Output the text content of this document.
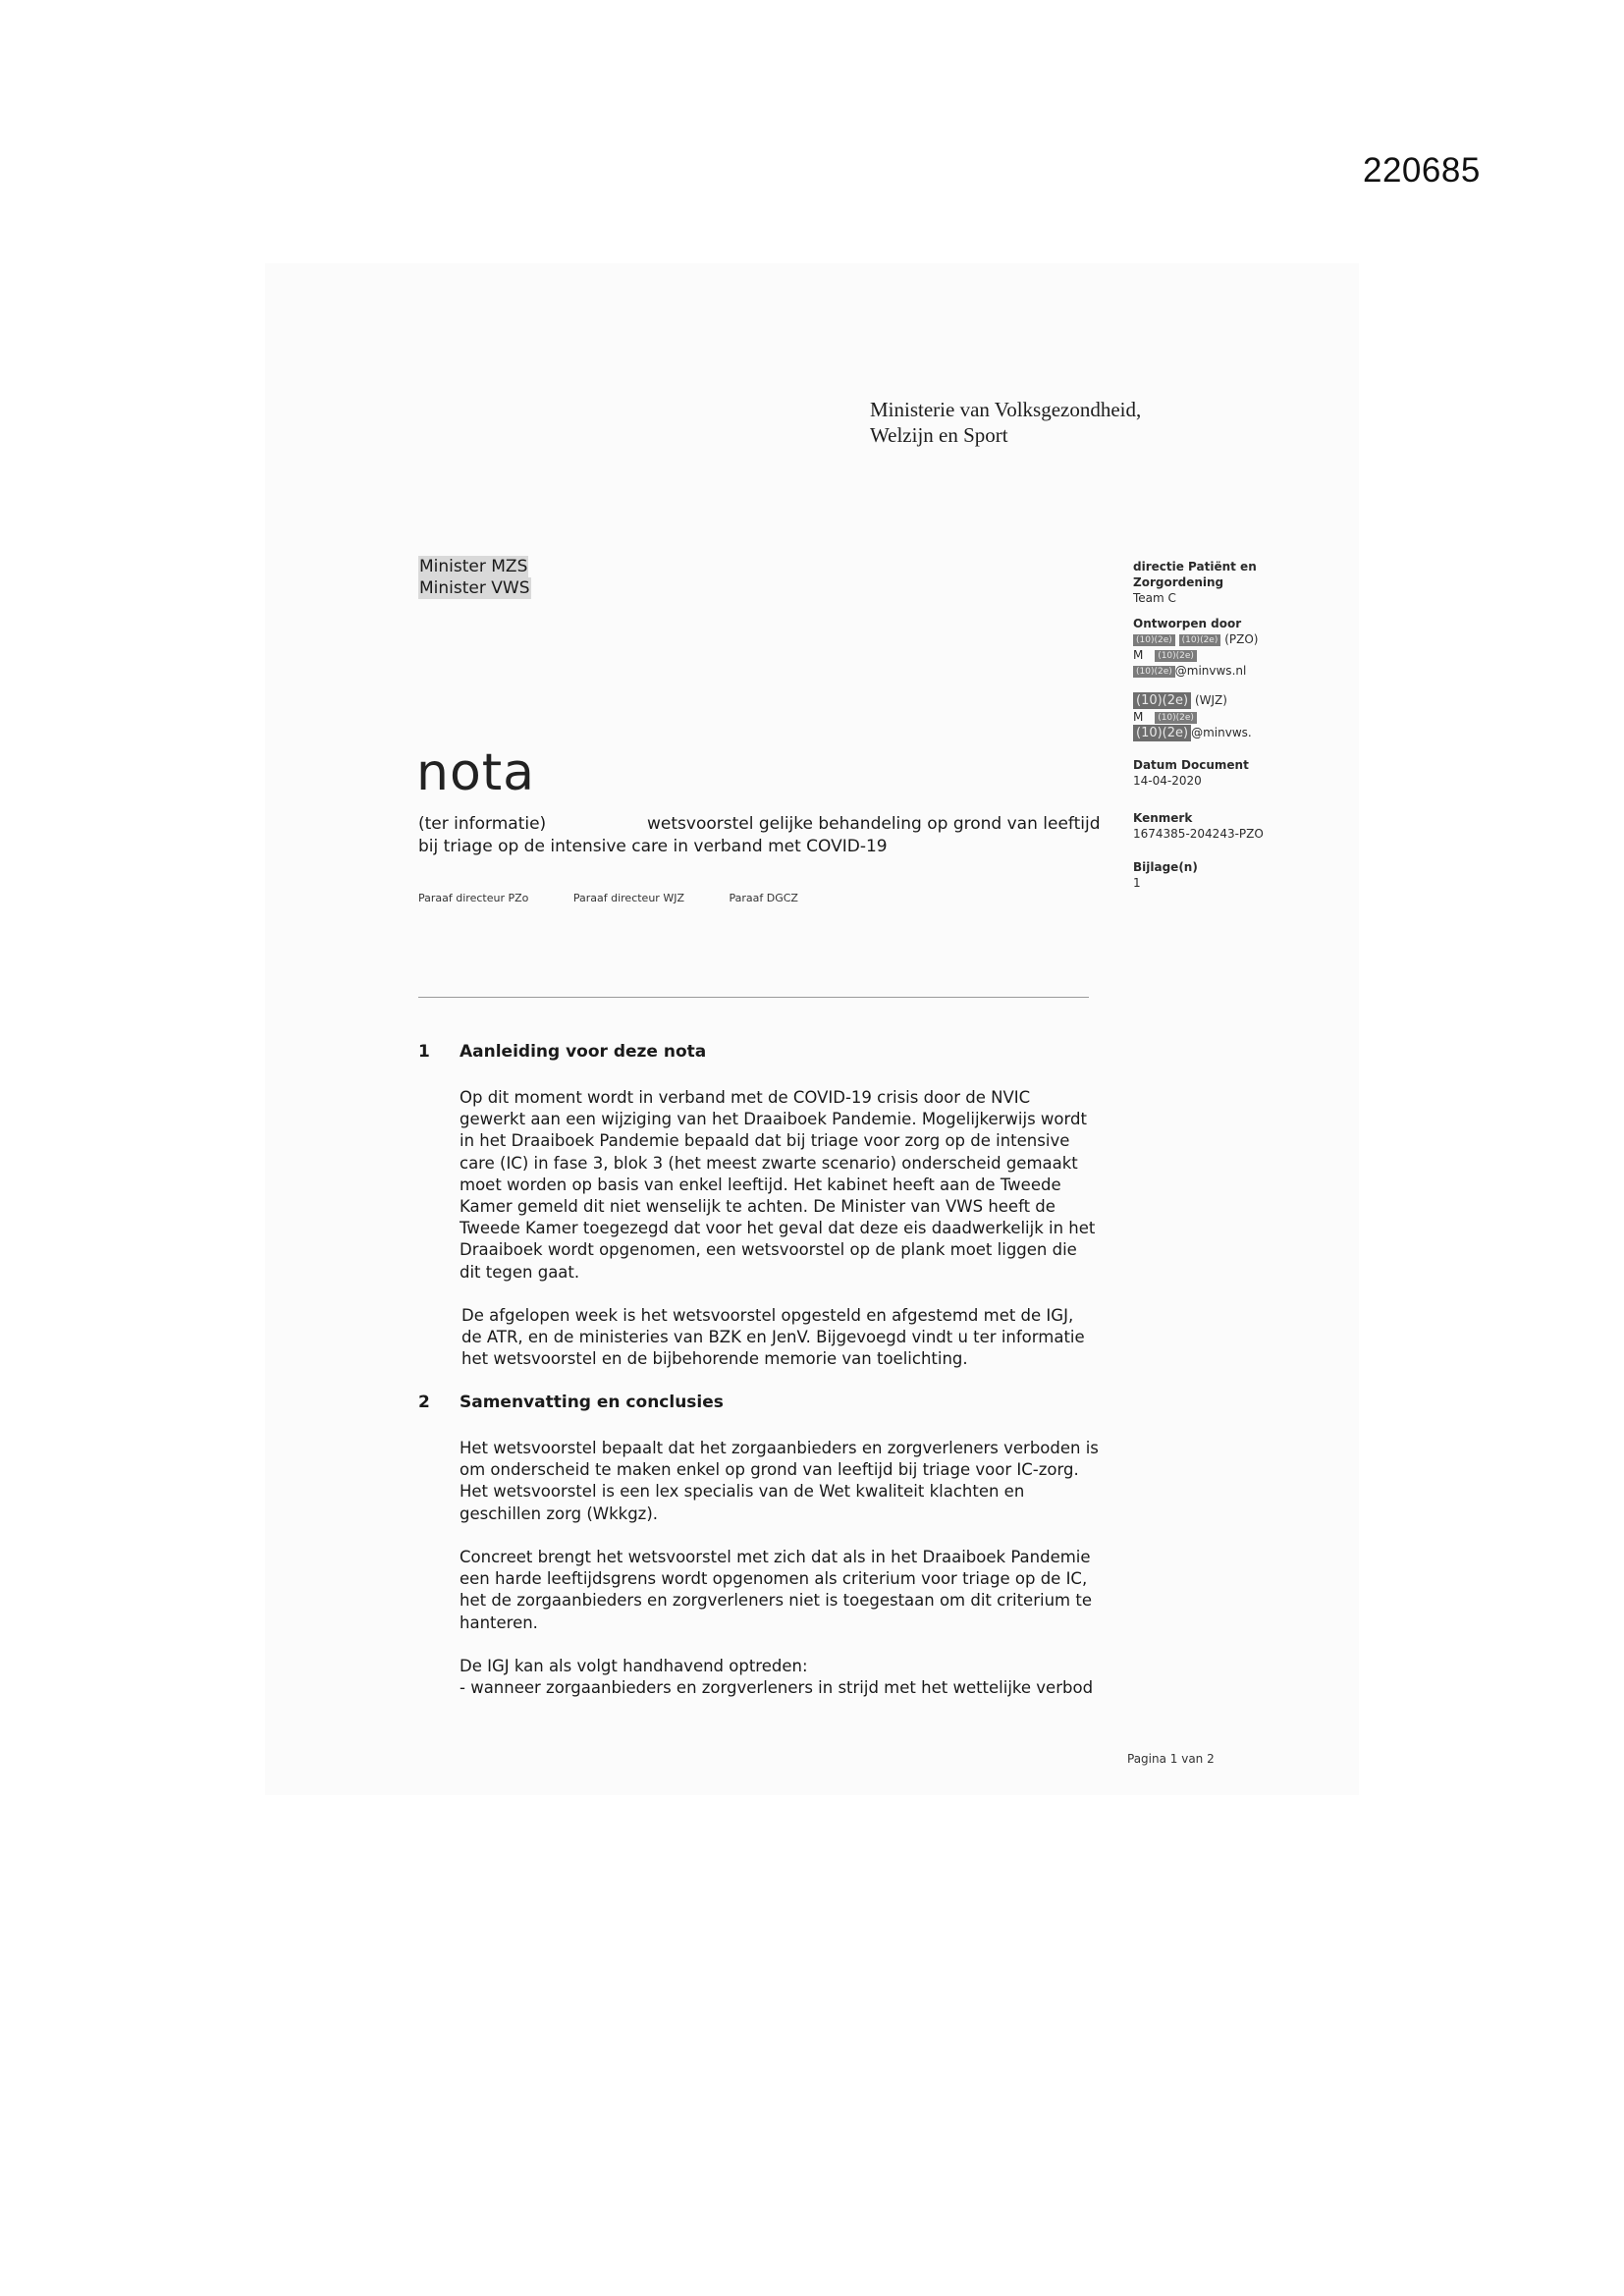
220685
Ministerie van Volksgezondheid,
Welzijn en Sport
Minister MZS
Minister VWS
directie Patiënt en
Zorgordening
Team C
Ontworpen door
(10)(2e) (10)(2e) (PZO)
M (10)(2e)
(10)(2e) @minvws.nl
(10)(2e) (WJZ)
M (10)(2e)
(10)(2e) @minvws.
Datum Document
14-04-2020
Kenmerk
1674385-204243-PZO
Bijlage(n)
1
nota
(ter informatie)	wetsvoorstel gelijke behandeling op grond van leeftijd
bij triage op de intensive care in verband met COVID-19
Paraaf directeur PZo	Paraaf directeur WJZ	Paraaf DGCZ
1 Aanleiding voor deze nota
Op dit moment wordt in verband met de COVID-19 crisis door de NVIC
gewerkt aan een wijziging van het Draaiboek Pandemie. Mogelijkerwijs wordt
in het Draaiboek Pandemie bepaald dat bij triage voor zorg op de intensive
care (IC) in fase 3, blok 3 (het meest zwarte scenario) onderscheid gemaakt
moet worden op basis van enkel leeftijd. Het kabinet heeft aan de Tweede
Kamer gemeld dit niet wenselijk te achten. De Minister van VWS heeft de
Tweede Kamer toegezegd dat voor het geval dat deze eis daadwerkelijk in het
Draaiboek wordt opgenomen, een wetsvoorstel op de plank moet liggen die
dit tegen gaat.
De afgelopen week is het wetsvoorstel opgesteld en afgestemd met de IGJ,
de ATR, en de ministeries van BZK en JenV. Bijgevoegd vindt u ter informatie
het wetsvoorstel en de bijbehorende memorie van toelichting.
2 Samenvatting en conclusies
Het wetsvoorstel bepaalt dat het zorgaanbieders en zorgverleners verboden is
om onderscheid te maken enkel op grond van leeftijd bij triage voor IC-zorg.
Het wetsvoorstel is een lex specialis van de Wet kwaliteit klachten en
geschillen zorg (Wkkgz).
Concreet brengt het wetsvoorstel met zich dat als in het Draaiboek Pandemie
een harde leeftijdsgrens wordt opgenomen als criterium voor triage op de IC,
het de zorgaanbieders en zorgverleners niet is toegestaan om dit criterium te
hanteren.
De IGJ kan als volgt handhavend optreden:
- wanneer zorgaanbieders en zorgverleners in strijd met het wettelijke verbod
Pagina 1 van 2
